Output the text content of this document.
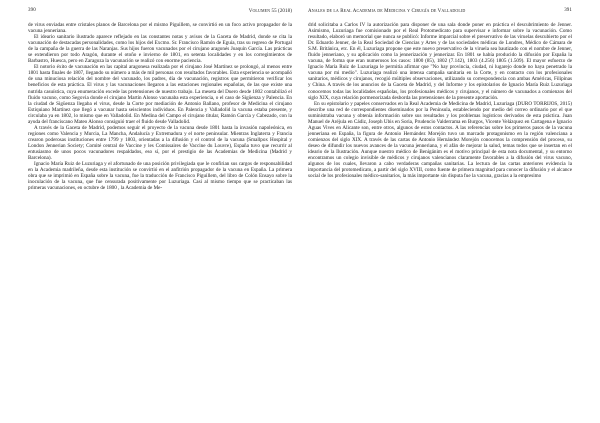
390	Volumen 55 (2018)

de virus enviadas entre cristales planos de Barcelona por el mismo Piguillem, se convirtió en un foco activo propagador de la vacuna jenneriana.

El ideario sanitario ilustrado aparece reflejado en las constantes notas y avisos de la Gaceta de Madrid, donde se cita la vacunación de destacadas personalidades, como los hijos del Excmo. Sr. Francisco Ramón de Eguía, tras su regreso de Portugal de la campaña de la guerra de las Naranjas. Sus hijos fueron vacunados por el cirujano aragonés Joaquín García. Las prácticas se extendieron por todo Aragón, durante el otoño e invierno de 1801, en setenta localidades y en los corregimientos de Barbastro, Huesca, pero en Zaragoza la vacunación se realizó con enorme paciencia.

El notorio éxito de vacunación en las capital aragonesa realizada por el cirujano José Martínez se prolongó, al menos entre 1801 hasta finales de 1807, llegando su número a más de mil personas con resultados favorables. Esta experiencia se acompañó de una minuciosa relación del nombre del vacunado, los padres, día de vacunación, registros que permitieron verificar los beneficios de esta práctica. El virus y las vacunaciones llegaron a las estaciones regionales españolas, de las que existe una nutrida casuística, cuya enumeración excede las pretensiones de nuestro trabajo. La meseta del Duero desde 1802 contabilizó el fluido vacuno, como Segovia donde el cirujano Martín Alonso vacunaba esta experiencia, o el caso de Sigüenza y Palencia. En la ciudad de Sigüenza llegaba el virus, desde la Corte por mediación de Antonio Ballano, profesor de Medicina el cirujano Estiquiano Martínez que llegó a vacunar hasta seiscientos individuos. En Palencia y Valladolid la vacuna estaba presente, y circulaba ya en 1802, lo mismo que en Valladolid. En Medina del Campo el cirujano titular, Ramón García y Cabezado, con la ayuda del franciscano Mateo Alonso consiguió traer el fluido desde Valladolid.

A través de la Gaceta de Madrid, podemos seguir el proyecto de la vacuna desde 1801 hasta la invasión napoleónica, en regiones como Valencia y Murcia, La Mancha, Andalucía y Extremadura y el norte peninsular. Mientras Inglaterra y Francia crearon poderosas instituciones entre 1799 y 1803, orientadas a la difusión y el control de la vacuna (Smallpox Hospital y London Jennerian Society; Comité central de Vaccine y les Comissaires de Vaccine du Louvre), España tuvo que recurrir al entusiasmo de unos pocos vacunadores respaldados, eso sí, por el prestigio de las Academias de Medicina (Madrid y Barcelona).

Ignacio María Ruiz de Luzuriaga y el afortunado de una posición privilegiada que le confirian sus cargos de responsabilidad en la Academia madrileña, desde esta institución se convirtió en el anfitrión propagador de la vacuna en España. La primera obra que se imprimió en España sobre la vacuna, fue la traducción de Francisco Piguillem, del libro de Colón Ensayo sobre la inoculación de la vacuna, que fue censurada positivamente por Luzuriaga. Casi al mismo tiempo que se practicaban las primeras vacunaciones, en octubre de 1800 , la Academia de Me-

Anales de la Real Academia de Medicina y Cirugía de Valladolid	391

drid solicitaba a Carlos IV la autorización para disponer de una sala donde poner en práctica el descubrimiento de Jenner. Asimismo, Luzuriaga fue comisionado por el Real Protomedicato para supervisar e informar sobre la vacunación. Como resultado, elaboró un memorial que nunca se publicó: Informe imparcial sobre el preservativo de las viruelas descubierto por el Dr. Eduardo Jenner, de la Real Sociedad de Ciencias y Artes y de las sociedades médicas de Londres, Médico de Cámara de S.M. Británica, etc. En él, Luzuriaga propone que este nuevo preservativo de la viruela sea bautizado con el nombre de Jenner, fluido jenneriano, y su aplicación como la jennerización y jennerizar. En 1801 se había producido la difusión por España la vacuna, de forma que eran numerosos los casos: 1800 (85), 1802 (7.142), 1803 (4.256) 1805 (1.509). El mayor esfuerzo de Ignacio María Ruiz de Luzuriaga le permitía afirmar que "No hay provincia, ciudad, ni lugarejo donde no haya penetrado la vacuna por mi medio". Luzuriaga realizó una intensa campaña sanitaria en la Corte, y en contacto con los profesionales sanitarios, médicos y cirujanos, recogió múltiples observaciones, utilizando su correspondencia con ambas Américas, Filipinas y China. A través de los anuncios de la Gaceta de Madrid, y del Informe y los epistolarios de Ignacio María Ruiz Luzuriaga conocemos todas las localidades españolas, los profesionales médicos y cirujanos, y el número de vacunados a comienzos del siglo XIX, cuya relación pormenorizada desborda las pretensiones de la presente aportación.

En su epistolario y papeles conservados en la Real Academia de Medicina de Madrid, Luzuriaga (DURO TORRIJOS, 2015) describe una red de correspondientes diseminados por la Península, estableciendo por medio del correo ordinario por el que suministraba vacuna y obtenía información sobre sus resultados y los problemas logísticos derivados de esta práctica. Juan Manuel de Aréjula en Cádiz, Joseph Ubis en Soria, Prudencio Valderrama en Burgos, Vicente Velázquez en Cartagena e Ignacio Aguas Vives en Alicante son, entre otros, algunos de estos contactos. A las referencias sobre los primeros pasos de la vacuna jenneriana en España, la figura de Antonio Hernández Morejón tuvo un marcado protagonismo en la región valenciana a comienzos del siglo XIX. A través de las cartas de Antonio Hernández Morejón conocemos la comprensión del proceso, su deseo de difundir los nuevos avances de la vacuna jenneriana, y el afán de mejorar la salud, temas todos que se insertan en el ideario de la Ilustración. Aunque nuestro médico de Benigánim es el motivo principal de esta nota documental, y su entorno encontramos un colegio invisible de médicos y cirujanos valencianos claramente favorables a la difusión del virus vacuno, algunos de los cuales, llevaron a cabo verdaderas campañas sanitarias. La lectura de las cartas anteriores evidencia la importancia del protomedicato, a partir del siglo XVIII, como fuente de primera magnitud para conocer la difusión y el alcance social de los profesionales médico-sanitarios, la más importante sin disputa fue la vacuna, gracias a la empresimo
